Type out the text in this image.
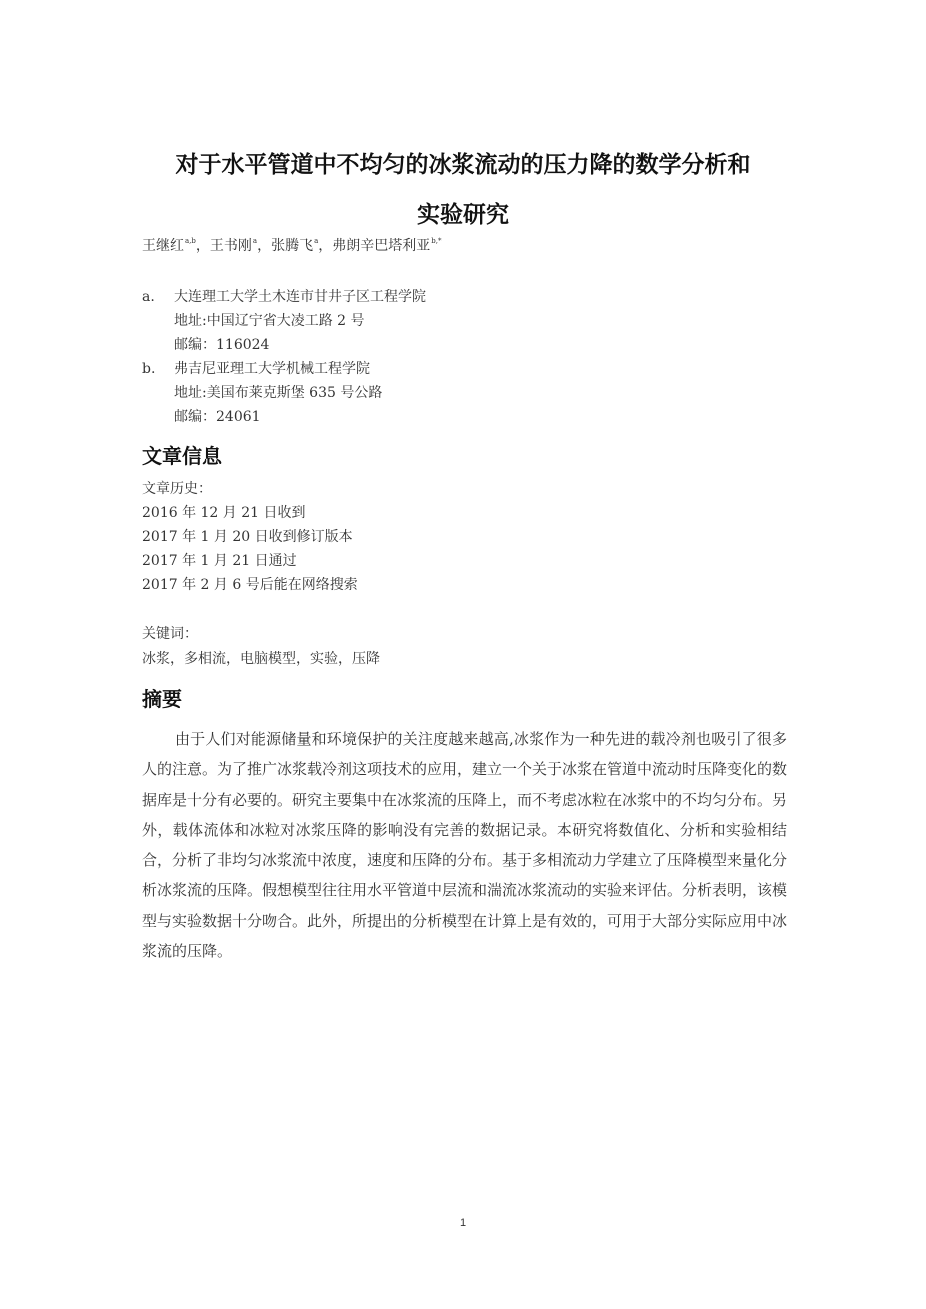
对于水平管道中不均匀的冰浆流动的压力降的数学分析和
实验研究
王继红$^{a,b}$，王书刚$^a$，张腾飞$^a$，弗朗辛巴塔利亚$^{b,*}$
a.	大连理工大学土木连市甘井子区工程学院
地址:中国辽宁省大凌工路 2 号
邮编：116024
b.	弗吉尼亚理工大学机械工程学院
地址:美国布莱克斯堡 635 号公路
邮编：24061
文章信息
文章历史：
2016 年 12 月 21 日收到
2017 年 1 月 20 日收到修订版本
2017 年 1 月 21 日通过
2017 年 2 月 6 号后能在网络搜索
关键词：
冰浆，多相流，电脑模型，实验，压降
摘要

由于人们对能源储量和环境保护的关注度越来越高,冰浆作为一种先进的载冷剂也吸引了很多人的注意。为了推广冰浆载冷剂这项技术的应用，建立一个关于冰浆在管道中流动时压降变化的数据库是十分有必要的。研究主要集中在冰浆流的压降上，而不考虑冰粒在冰浆中的不均匀分布。另外，载体流体和冰粒对冰浆压降的影响没有完善的数据记录。本研究将数值化、分析和实验相结合，分析了非均匀冰浆流中浓度，速度和压降的分布。基于多相流动力学建立了压降模型来量化分析冰浆流的压降。假想模型往往用水平管道中层流和湍流冰浆流动的实验来评估。分析表明，该模型与实验数据十分吻合。此外，所提出的分析模型在计算上是有效的，可用于大部分实际应用中冰浆流的压降。

1
